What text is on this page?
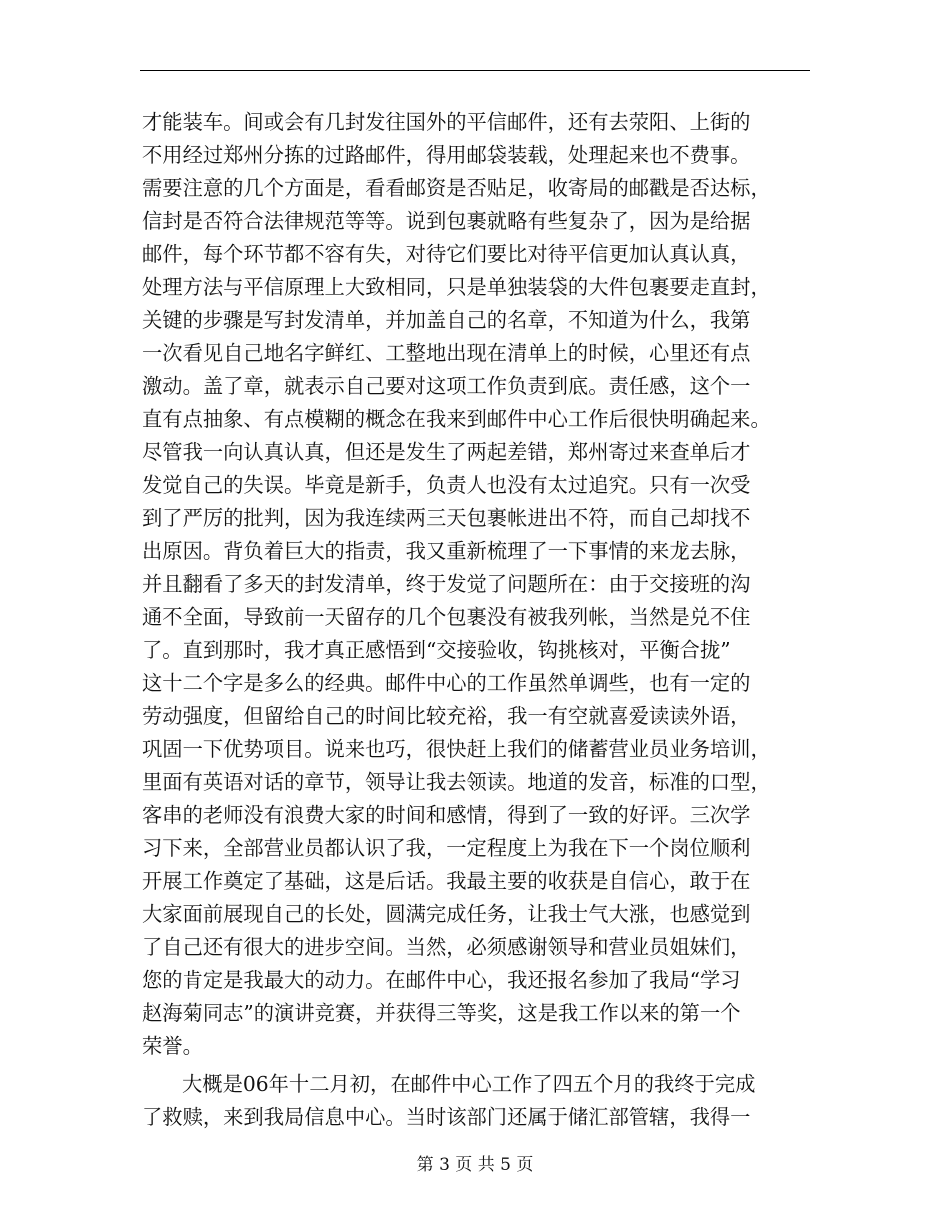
才能装车。间或会有几封发往国外的平信邮件，还有去荥阳、上街的
不用经过郑州分拣的过路邮件，得用邮袋装载，处理起来也不费事。
需要注意的几个方面是，看看邮资是否贴足，收寄局的邮戳是否达标，
信封是否符合法律规范等等。说到包裹就略有些复杂了，因为是给据
邮件，每个环节都不容有失，对待它们要比对待平信更加认真认真，
处理方法与平信原理上大致相同，只是单独装袋的大件包裹要走直封，
关键的步骤是写封发清单，并加盖自己的名章，不知道为什么，我第
一次看见自己地名字鲜红、工整地出现在清单上的时候，心里还有点
激动。盖了章，就表示自己要对这项工作负责到底。责任感，这个一
直有点抽象、有点模糊的概念在我来到邮件中心工作后很快明确起来。
尽管我一向认真认真，但还是发生了两起差错，郑州寄过来查单后才
发觉自己的失误。毕竟是新手，负责人也没有太过追究。只有一次受
到了严厉的批判，因为我连续两三天包裹帐进出不符，而自己却找不
出原因。背负着巨大的指责，我又重新梳理了一下事情的来龙去脉，
并且翻看了多天的封发清单，终于发觉了问题所在：由于交接班的沟
通不全面，导致前一天留存的几个包裹没有被我列帐，当然是兑不住
了。直到那时，我才真正感悟到“交接验收，钩挑核对，平衡合拢”
这十二个字是多么的经典。邮件中心的工作虽然单调些，也有一定的
劳动强度，但留给自己的时间比较充裕，我一有空就喜爱读读外语，
巩固一下优势项目。说来也巧，很快赶上我们的储蓄营业员业务培训，
里面有英语对话的章节，领导让我去领读。地道的发音，标准的口型，
客串的老师没有浪费大家的时间和感情，得到了一致的好评。三次学
习下来，全部营业员都认识了我，一定程度上为我在下一个岗位顺利
开展工作奠定了基础，这是后话。我最主要的收获是自信心，敢于在
大家面前展现自己的长处，圆满完成任务，让我士气大涨，也感觉到
了自己还有很大的进步空间。当然，必须感谢领导和营业员姐妹们，
您的肯定是我最大的动力。在邮件中心，我还报名参加了我局“学习
赵海菊同志”的演讲竞赛，并获得三等奖，这是我工作以来的第一个
荣誉。
大概是06年十二月初，在邮件中心工作了四五个月的我终于完成
了救赎，来到我局信息中心。当时该部门还属于储汇部管辖，我得一
第 3 页 共 5 页
